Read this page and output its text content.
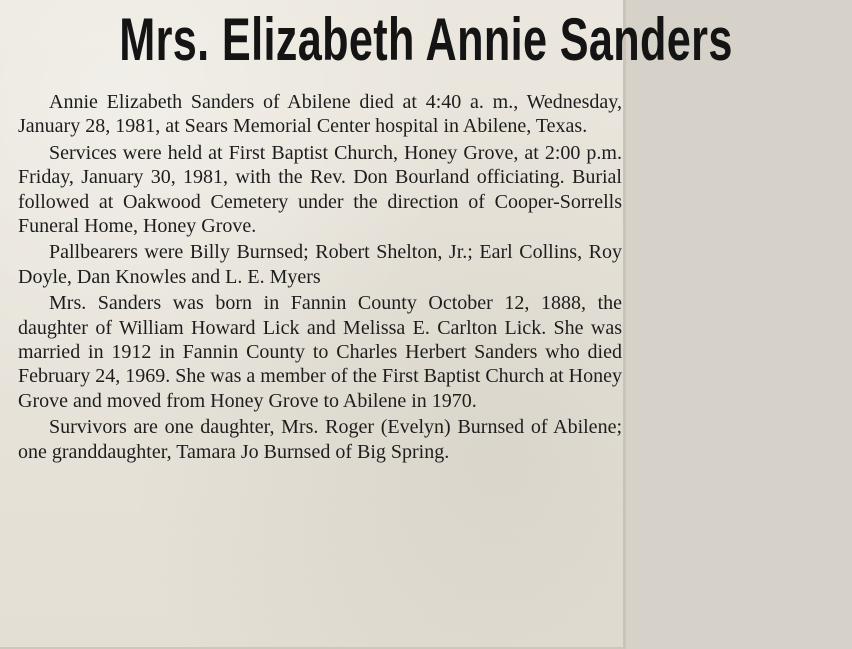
Mrs. Elizabeth Annie Sanders

Annie Elizabeth Sanders of Abilene died at 4:40 a. m., Wednesday, January 28, 1981, at Sears Memorial Center hospital in Abilene, Texas.

Services were held at First Baptist Church, Honey Grove, at 2:00 p.m. Friday, January 30, 1981, with the Rev. Don Bourland officiating. Burial followed at Oakwood Cemetery under the direction of Cooper-Sorrells Funeral Home, Honey Grove.

Pallbearers were Billy Burnsed; Robert Shelton, Jr.; Earl Collins, Roy Doyle, Dan Knowles and L. E. Myers

Mrs. Sanders was born in Fannin County October 12, 1888, the daughter of William Howard Lick and Melissa E. Carlton Lick. She was married in 1912 in Fannin County to Charles Herbert Sanders who died February 24, 1969. She was a member of the First Baptist Church at Honey Grove and moved from Honey Grove to Abilene in 1970.

Survivors are one daughter, Mrs. Roger (Evelyn) Burnsed of Abilene; one granddaughter, Tamara Jo Burnsed of Big Spring.
